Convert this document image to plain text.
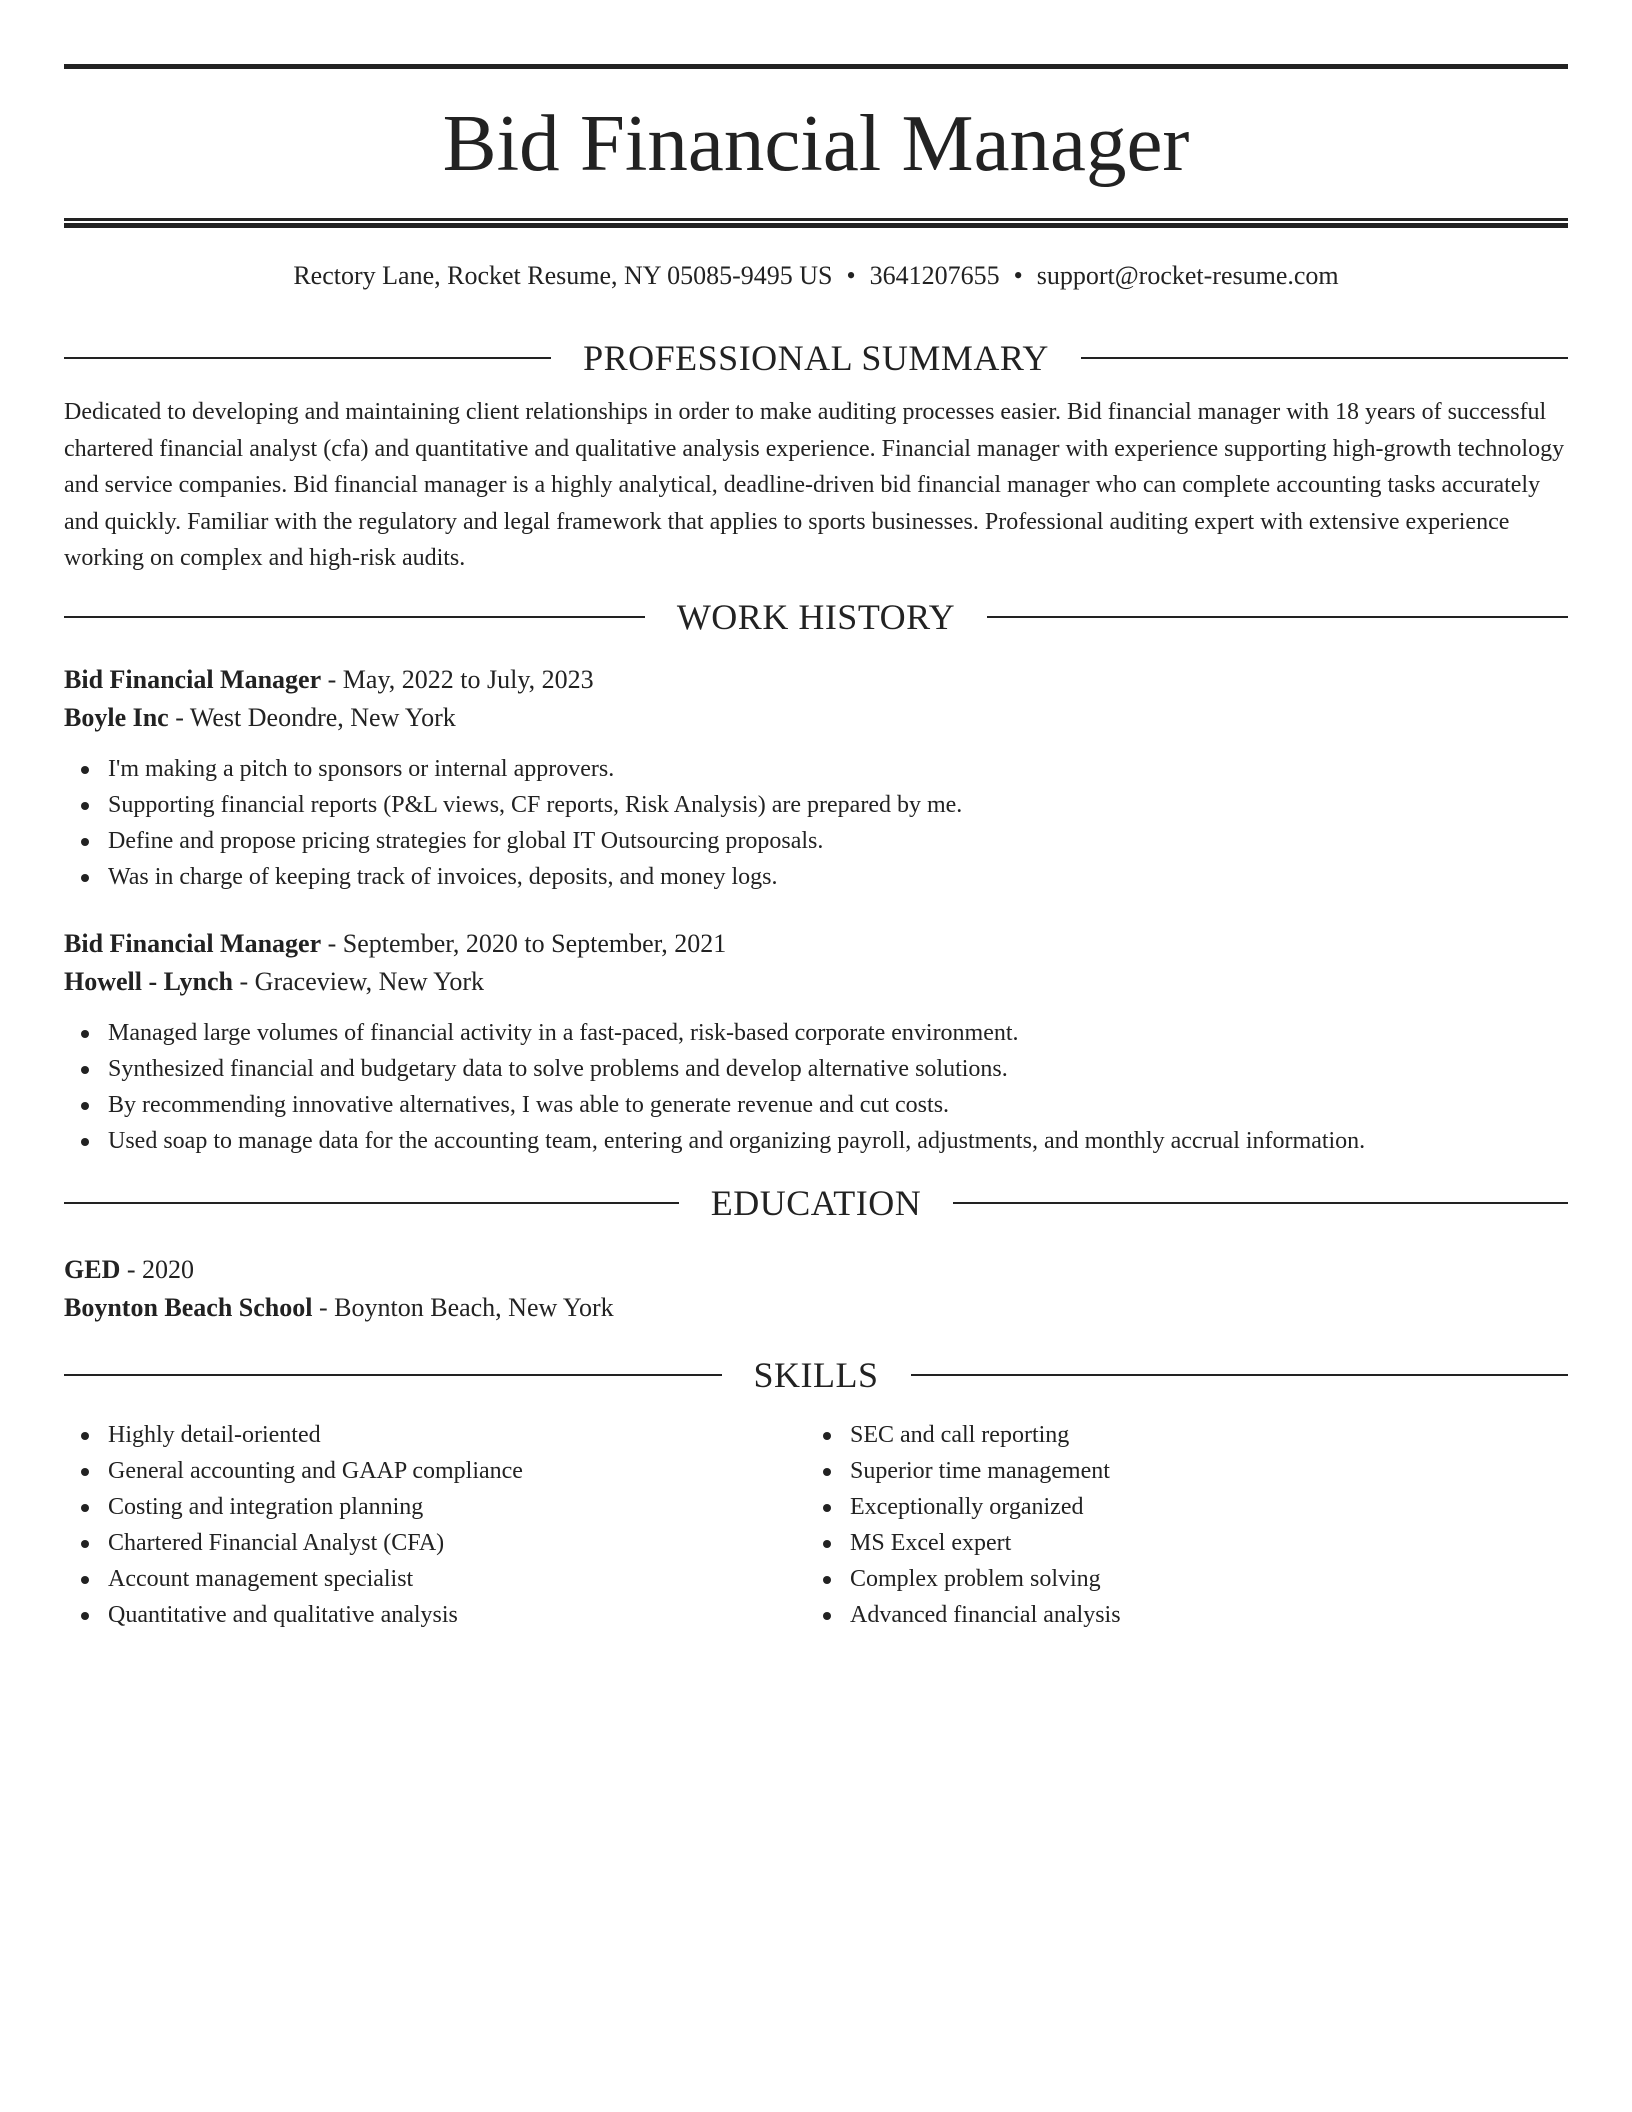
Bid Financial Manager
Rectory Lane, Rocket Resume, NY 05085-9495 US • 3641207655 • support@rocket-resume.com
PROFESSIONAL SUMMARY

Dedicated to developing and maintaining client relationships in order to make auditing processes easier. Bid financial manager with 18 years of successful chartered financial analyst (cfa) and quantitative and qualitative analysis experience. Financial manager with experience supporting high-growth technology and service companies. Bid financial manager is a highly analytical, deadline-driven bid financial manager who can complete accounting tasks accurately and quickly. Familiar with the regulatory and legal framework that applies to sports businesses. Professional auditing expert with extensive experience working on complex and high-risk audits.

WORK HISTORY
Bid Financial Manager - May, 2022 to July, 2023
Boyle Inc - West Deondre, New York
I'm making a pitch to sponsors or internal approvers.
Supporting financial reports (P&L views, CF reports, Risk Analysis) are prepared by me.
Define and propose pricing strategies for global IT Outsourcing proposals.
Was in charge of keeping track of invoices, deposits, and money logs.
Bid Financial Manager - September, 2020 to September, 2021
Howell - Lynch - Graceview, New York
Managed large volumes of financial activity in a fast-paced, risk-based corporate environment.
Synthesized financial and budgetary data to solve problems and develop alternative solutions.
By recommending innovative alternatives, I was able to generate revenue and cut costs.
Used soap to manage data for the accounting team, entering and organizing payroll, adjustments, and monthly accrual information.
EDUCATION
GED - 2020
Boynton Beach School - Boynton Beach, New York
SKILLS
Highly detail-oriented
General accounting and GAAP compliance
Costing and integration planning
Chartered Financial Analyst (CFA)
Account management specialist
Quantitative and qualitative analysis
SEC and call reporting
Superior time management
Exceptionally organized
MS Excel expert
Complex problem solving
Advanced financial analysis
